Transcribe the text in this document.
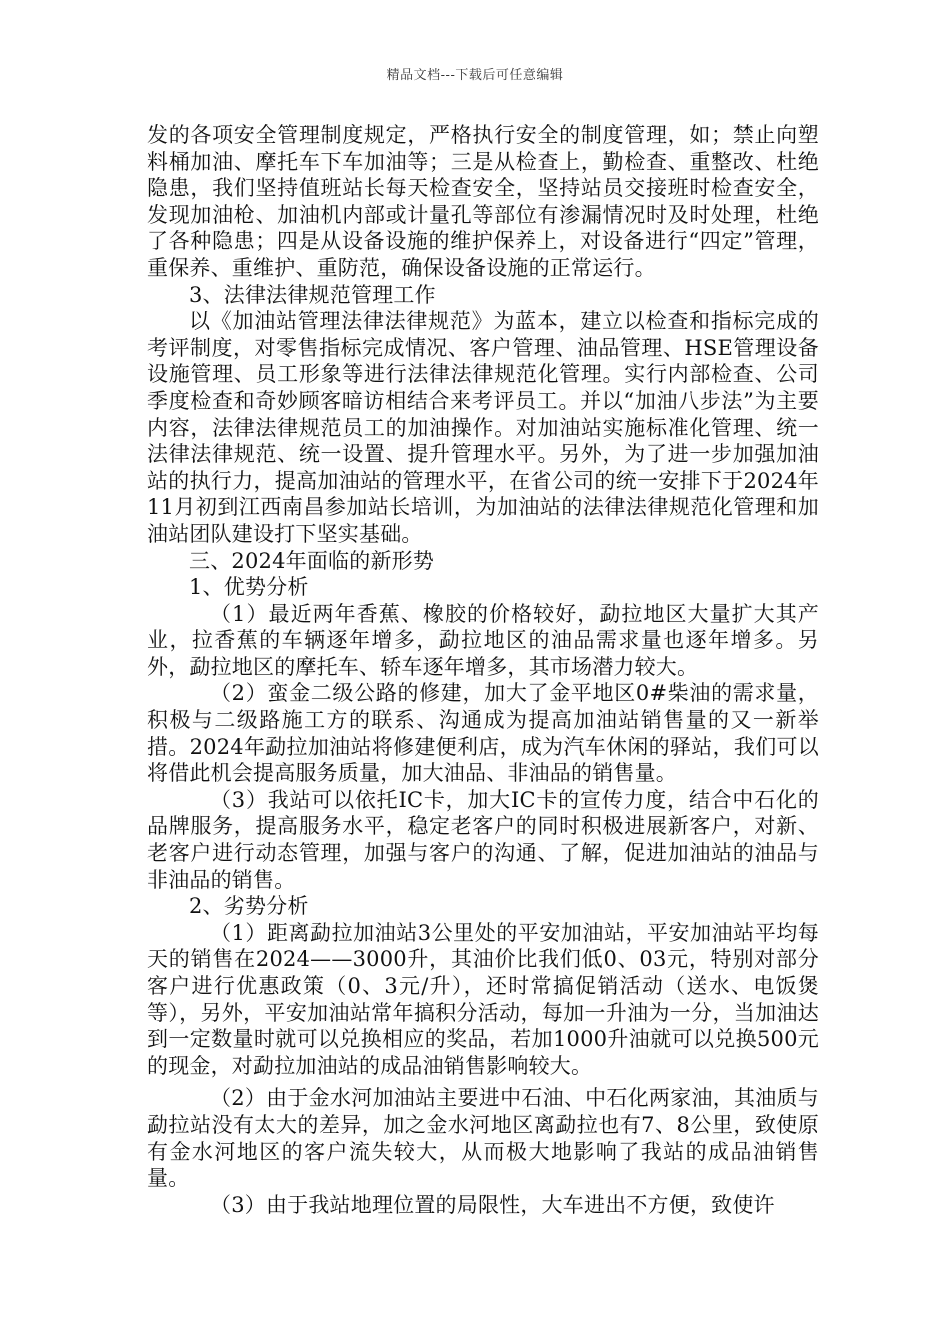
精品文档---下载后可任意编辑

发的各项安全管理制度规定，严格执行安全的制度管理，如；禁止向塑料桶加油、摩托车下车加油等；三是从检查上，勤检查、重整改、杜绝隐患，我们坚持值班站长每天检查安全，坚持站员交接班时检查安全，发现加油枪、加油机内部或计量孔等部位有渗漏情况时及时处理，杜绝了各种隐患；四是从设备设施的维护保养上，对设备进行“四定”管理，重保养、重维护、重防范，确保设备设施的正常运行。

3、法律法律规范管理工作

以《加油站管理法律法律规范》为蓝本，建立以检查和指标完成的考评制度，对零售指标完成情况、客户管理、油品管理、HSE管理设备设施管理、员工形象等进行法律法律规范化管理。实行内部检查、公司季度检查和奇妙顾客暗访相结合来考评员工。并以“加油八步法”为主要内容，法律法律规范员工的加油操作。对加油站实施标准化管理、统一法律法律规范、统一设置、提升管理水平。另外，为了进一步加强加油站的执行力，提高加油站的管理水平，在省公司的统一安排下于2024年11月初到江西南昌参加站长培训，为加油站的法律法律规范化管理和加油站团队建设打下坚实基础。

三、2024年面临的新形势

1、优势分析

（1）最近两年香蕉、橡胶的价格较好，勐拉地区大量扩大其产业，拉香蕉的车辆逐年增多，勐拉地区的油品需求量也逐年增多。另外，勐拉地区的摩托车、轿车逐年增多，其市场潜力较大。

（2）蛮金二级公路的修建，加大了金平地区0#柴油的需求量，积极与二级路施工方的联系、沟通成为提高加油站销售量的又一新举措。2024年勐拉加油站将修建便利店，成为汽车休闲的驿站，我们可以将借此机会提高服务质量，加大油品、非油品的销售量。

（3）我站可以依托IC卡，加大IC卡的宣传力度，结合中石化的品牌服务，提高服务水平，稳定老客户的同时积极进展新客户，对新、老客户进行动态管理，加强与客户的沟通、了解，促进加油站的油品与非油品的销售。

2、劣势分析

（1）距离勐拉加油站3公里处的平安加油站，平安加油站平均每天的销售在2024——3000升，其油价比我们低0、03元，特别对部分客户进行优惠政策（0、3元/升），还时常搞促销活动（送水、电饭煲等），另外，平安加油站常年搞积分活动，每加一升油为一分，当加油达到一定数量时就可以兑换相应的奖品，若加1000升油就可以兑换500元的现金，对勐拉加油站的成品油销售影响较大。

（2）由于金水河加油站主要进中石油、中石化两家油，其油质与勐拉站没有太大的差异，加之金水河地区离勐拉也有7、8公里，致使原有金水河地区的客户流失较大，从而极大地影响了我站的成品油销售量。

（3）由于我站地理位置的局限性，大车进出不方便，致使许
